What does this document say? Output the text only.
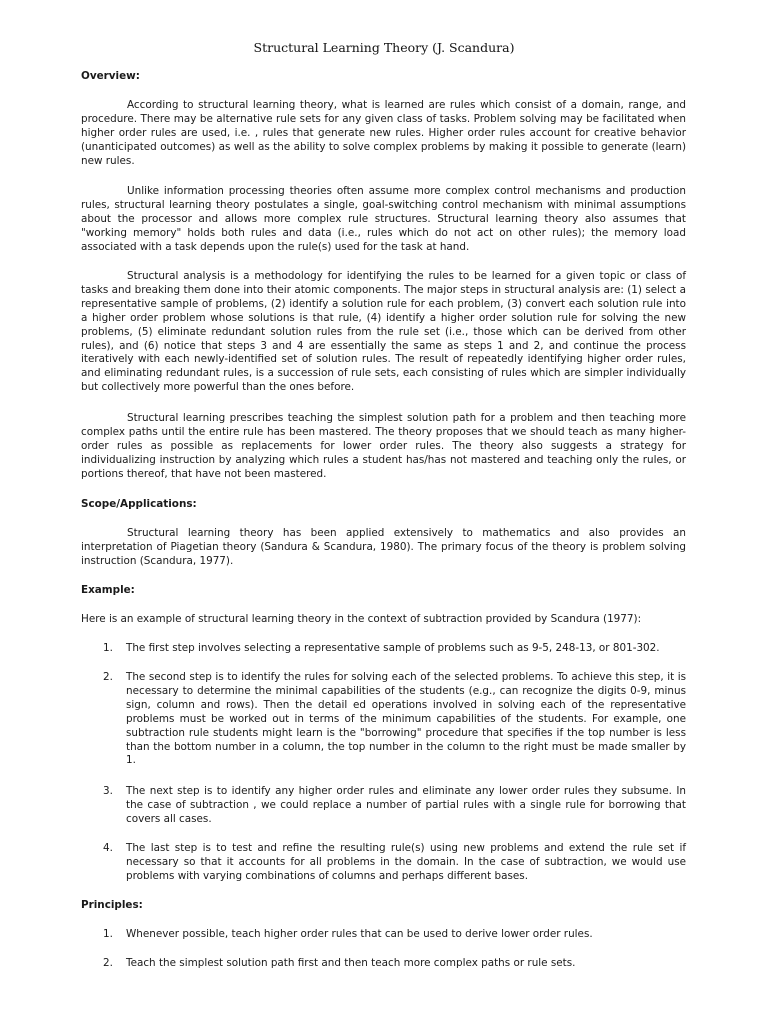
Structural Learning Theory (J. Scandura)
Overview:
According to structural learning theory, what is learned are rules which consist of a domain, range, and procedure. There may be alternative rule sets for any given class of tasks. Problem solving may be facilitated when higher order rules are used, i.e. , rules that generate new rules. Higher order rules account for creative behavior (unanticipated outcomes) as well as the ability to solve complex problems by making it possible to generate (learn) new rules.
Unlike information processing theories often assume more complex control mechanisms and production rules, structural learning theory postulates a single, goal-switching control mechanism with minimal assumptions about the processor and allows more complex rule structures. Structural learning theory also assumes that "working memory" holds both rules and data (i.e., rules which do not act on other rules); the memory load associated with a task depends upon the rule(s) used for the task at hand.
Structural analysis is a methodology for identifying the rules to be learned for a given topic or class of tasks and breaking them done into their atomic components. The major steps in structural analysis are: (1) select a representative sample of problems, (2) identify a solution rule for each problem, (3) convert each solution rule into a higher order problem whose solutions is that rule, (4) identify a higher order solution rule for solving the new problems, (5) eliminate redundant solution rules from the rule set (i.e., those which can be derived from other rules), and (6) notice that steps 3 and 4 are essentially the same as steps 1 and 2, and continue the process iteratively with each newly-identified set of solution rules. The result of repeatedly identifying higher order rules, and eliminating redundant rules, is a succession of rule sets, each consisting of rules which are simpler individually but collectively more powerful than the ones before.
Structural learning prescribes teaching the simplest solution path for a problem and then teaching more complex paths until the entire rule has been mastered. The theory proposes that we should teach as many higher-order rules as possible as replacements for lower order rules. The theory also suggests a strategy for individualizing instruction by analyzing which rules a student has/has not mastered and teaching only the rules, or portions thereof, that have not been mastered.
Scope/Applications:
Structural learning theory has been applied extensively to mathematics and also provides an interpretation of Piagetian theory (Sandura & Scandura, 1980). The primary focus of the theory is problem solving instruction (Scandura, 1977).
Example:
Here is an example of structural learning theory in the context of subtraction provided by Scandura (1977):
1. The first step involves selecting a representative sample of problems such as 9-5, 248-13, or 801-302.
2. The second step is to identify the rules for solving each of the selected problems. To achieve this step, it is necessary to determine the minimal capabilities of the students (e.g., can recognize the digits 0-9, minus sign, column and rows). Then the detail ed operations involved in solving each of the representative problems must be worked out in terms of the minimum capabilities of the students. For example, one subtraction rule students might learn is the "borrowing" procedure that specifies if the top number is less than the bottom number in a column, the top number in the column to the right must be made smaller by 1.
3. The next step is to identify any higher order rules and eliminate any lower order rules they subsume. In the case of subtraction , we could replace a number of partial rules with a single rule for borrowing that covers all cases.
4. The last step is to test and refine the resulting rule(s) using new problems and extend the rule set if necessary so that it accounts for all problems in the domain. In the case of subtraction, we would use problems with varying combinations of columns and perhaps different bases.
Principles:
1. Whenever possible, teach higher order rules that can be used to derive lower order rules.
2. Teach the simplest solution path first and then teach more complex paths or rule sets.
